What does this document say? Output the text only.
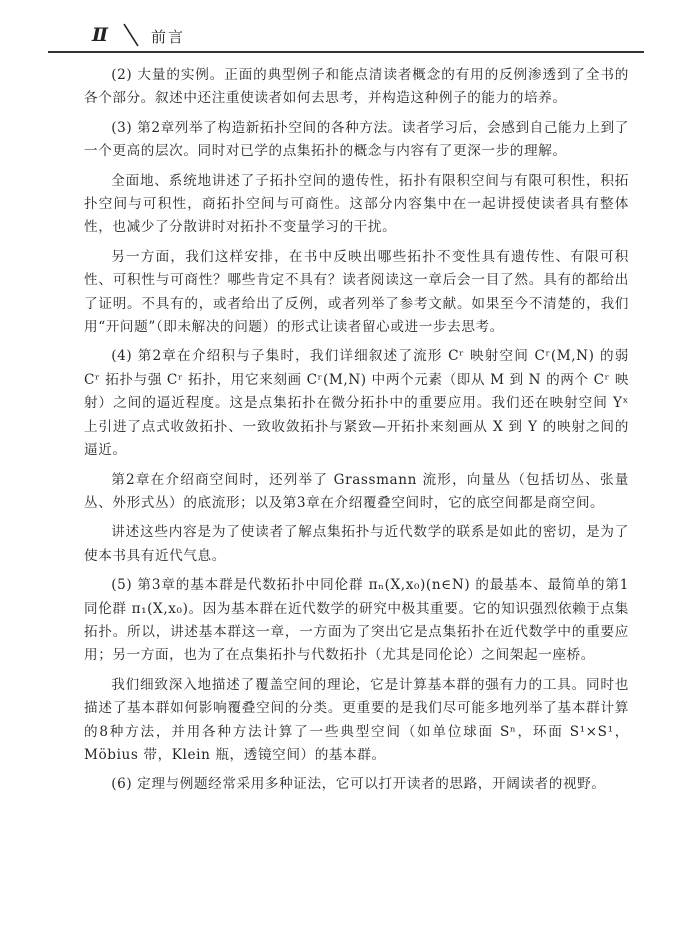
Ⅱ	前言

(2) 大量的实例。正面的典型例子和能点清读者概念的有用的反例渗透到了全书的各个部分。叙述中还注重使读者如何去思考，并构造这种例子的能力的培养。

(3) 第2章列举了构造新拓扑空间的各种方法。读者学习后，会感到自己能力上到了一个更高的层次。同时对已学的点集拓扑的概念与内容有了更深一步的理解。

全面地、系统地讲述了子拓扑空间的遗传性，拓扑有限积空间与有限可积性，积拓扑空间与可积性，商拓扑空间与可商性。这部分内容集中在一起讲授使读者具有整体性，也减少了分散讲时对拓扑不变量学习的干扰。

另一方面，我们这样安排，在书中反映出哪些拓扑不变性具有遗传性、有限可积性、可积性与可商性？哪些肯定不具有？读者阅读这一章后会一目了然。具有的都给出了证明。不具有的，或者给出了反例，或者列举了参考文献。如果至今不清楚的，我们用“开问题”（即未解决的问题）的形式让读者留心或进一步去思考。

(4) 第2章在介绍积与子集时，我们详细叙述了流形 Cʳ 映射空间 Cʳ(M,N) 的弱 Cʳ 拓扑与强 Cʳ 拓扑，用它来刻画 Cʳ(M,N) 中两个元素（即从 M 到 N 的两个 Cʳ 映射）之间的逼近程度。这是点集拓扑在微分拓扑中的重要应用。我们还在映射空间 Yˣ 上引进了点式收敛拓扑、一致收敛拓扑与紧致—开拓扑来刻画从 X 到 Y 的映射之间的逼近。

第2章在介绍商空间时，还列举了 Grassmann 流形，向量丛（包括切丛、张量丛、外形式丛）的底流形；以及第3章在介绍覆叠空间时，它的底空间都是商空间。

讲述这些内容是为了使读者了解点集拓扑与近代数学的联系是如此的密切，是为了使本书具有近代气息。

(5) 第3章的基本群是代数拓扑中同伦群 πₙ(X,x₀)(n∈N) 的最基本、最简单的第1同伦群 π₁(X,x₀)。因为基本群在近代数学的研究中极其重要。它的知识强烈依赖于点集拓扑。所以，讲述基本群这一章，一方面为了突出它是点集拓扑在近代数学中的重要应用；另一方面，也为了在点集拓扑与代数拓扑（尤其是同伦论）之间架起一座桥。

我们细致深入地描述了覆盖空间的理论，它是计算基本群的强有力的工具。同时也描述了基本群如何影响覆叠空间的分类。更重要的是我们尽可能多地列举了基本群计算的8种方法，并用各种方法计算了一些典型空间（如单位球面 Sⁿ，环面 S¹×S¹，Möbius 带，Klein 瓶，透镜空间）的基本群。

(6) 定理与例题经常采用多种证法，它可以打开读者的思路，开阔读者的视野。
